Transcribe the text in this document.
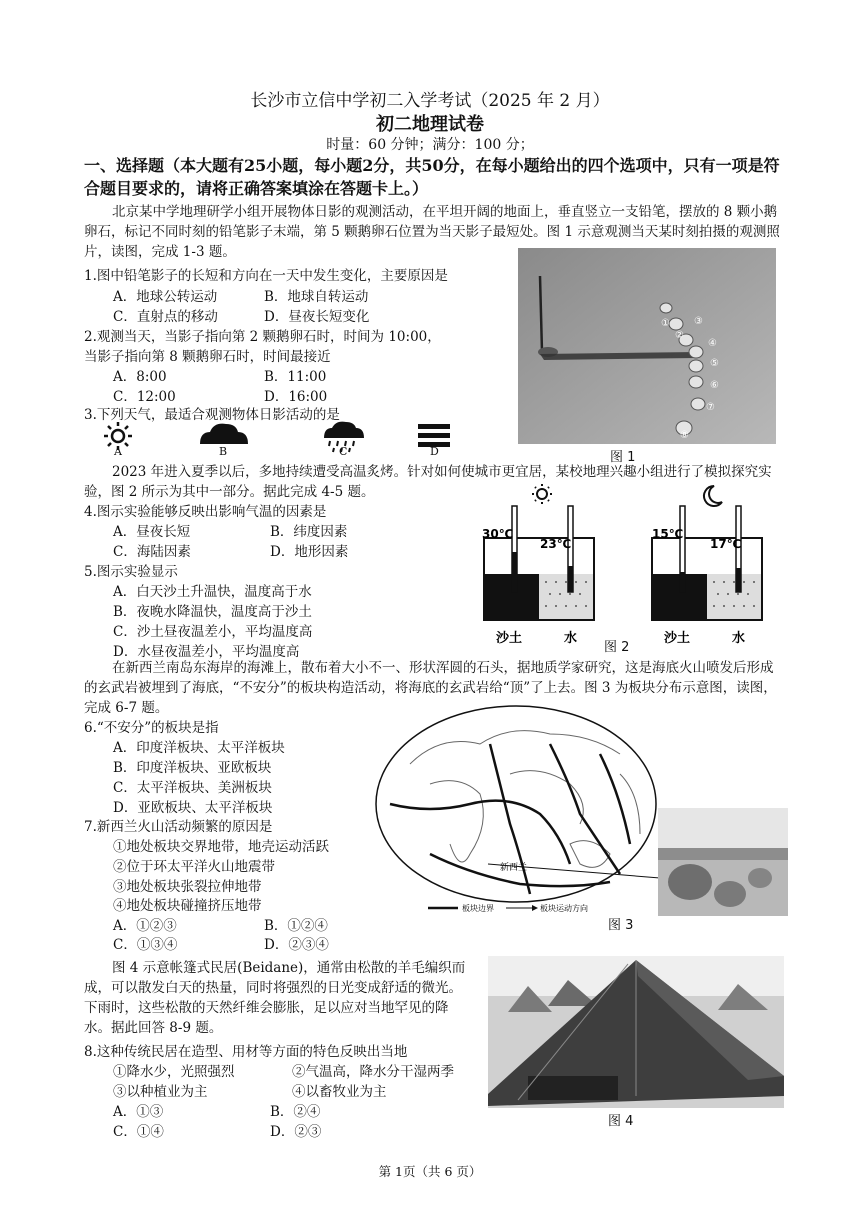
长沙市立信中学初二入学考试（2025 年 2 月）
初二地理试卷
时量：60 分钟；满分：100 分；
一、选择题（本大题有25小题，每小题2分，共50分，在每小题给出的四个选项中，只有一项是符合题目要求的，请将正确答案填涂在答题卡上。）
北京某中学地理研学小组开展物体日影的观测活动，在平坦开阔的地面上，垂直竖立一支铅笔，摆放的 8 颗小鹅卵石，标记不同时刻的铅笔影子末端，第 5 颗鹅卵石位置为当天影子最短处。图 1 示意观测当天某时刻拍摄的观测照片，读图，完成 1-3 题。
1.图中铅笔影子的长短和方向在一天中发生变化，主要原因是
A．地球公转运动	B．地球自转运动
C．直射点的移动	D．昼夜长短变化
2.观测当天，当影子指向第 2 颗鹅卵石时，时间为 10:00，
当影子指向第 8 颗鹅卵石时，时间最接近
A．8:00	B．11:00
C．12:00	D．16:00
3.下列天气，最适合观测物体日影活动的是
A	B	C	D
①
②
③
④
⑤
⑥
⑦
⑧
图 1
2023 年进入夏季以后，多地持续遭受高温炙烤。针对如何使城市更宜居，某校地理兴趣小组进行了模拟探究实验，图 2 所示为其中一部分。据此完成 4-5 题。
4.图示实验能够反映出影响气温的因素是
A．昼夜长短	B．纬度因素
C．海陆因素	D．地形因素
5.图示实验显示
A．白天沙土升温快，温度高于水
B．夜晚水降温快，温度高于沙土
C．沙土昼夜温差小，平均温度高
D．水昼夜温差小，平均温度高
30℃
23℃
沙土	水
15℃
17℃
沙土	水
图 2
在新西兰南岛东海岸的海滩上，散布着大小不一、形状浑圆的石头，据地质学家研究，这是海底火山喷发后形成的玄武岩被埋到了海底，“不安分”的板块构造活动，将海底的玄武岩给“顶”了上去。图 3 为板块分布示意图，读图，完成 6-7 题。
6.“不安分”的板块是指
A．印度洋板块、太平洋板块
B．印度洋板块、亚欧板块
C．太平洋板块、美洲板块
D．亚欧板块、太平洋板块
7.新西兰火山活动频繁的原因是
①地处板块交界地带，地壳运动活跃
②位于环太平洋火山地震带
③地处板块张裂拉伸地带
④地处板块碰撞挤压地带
A．①②③	B．①②④
C．①③④	D．②③④
新西兰
板块边界	板块运动方向
图 3
图 4 示意帐篷式民居(Beidane)，通常由松散的羊毛编织而成，可以散发白天的热量，同时将强烈的日光变成舒适的微光。下雨时，这些松散的天然纤维会膨胀，足以应对当地罕见的降水。据此回答 8-9 题。
8.这种传统民居在造型、用材等方面的特色反映出当地
①降水少，光照强烈	②气温高，降水分干湿两季
③以种植业为主	④以畜牧业为主
A．①③	B．②④
C．①④	D．②③
图 4
第 1页（共 6 页）
